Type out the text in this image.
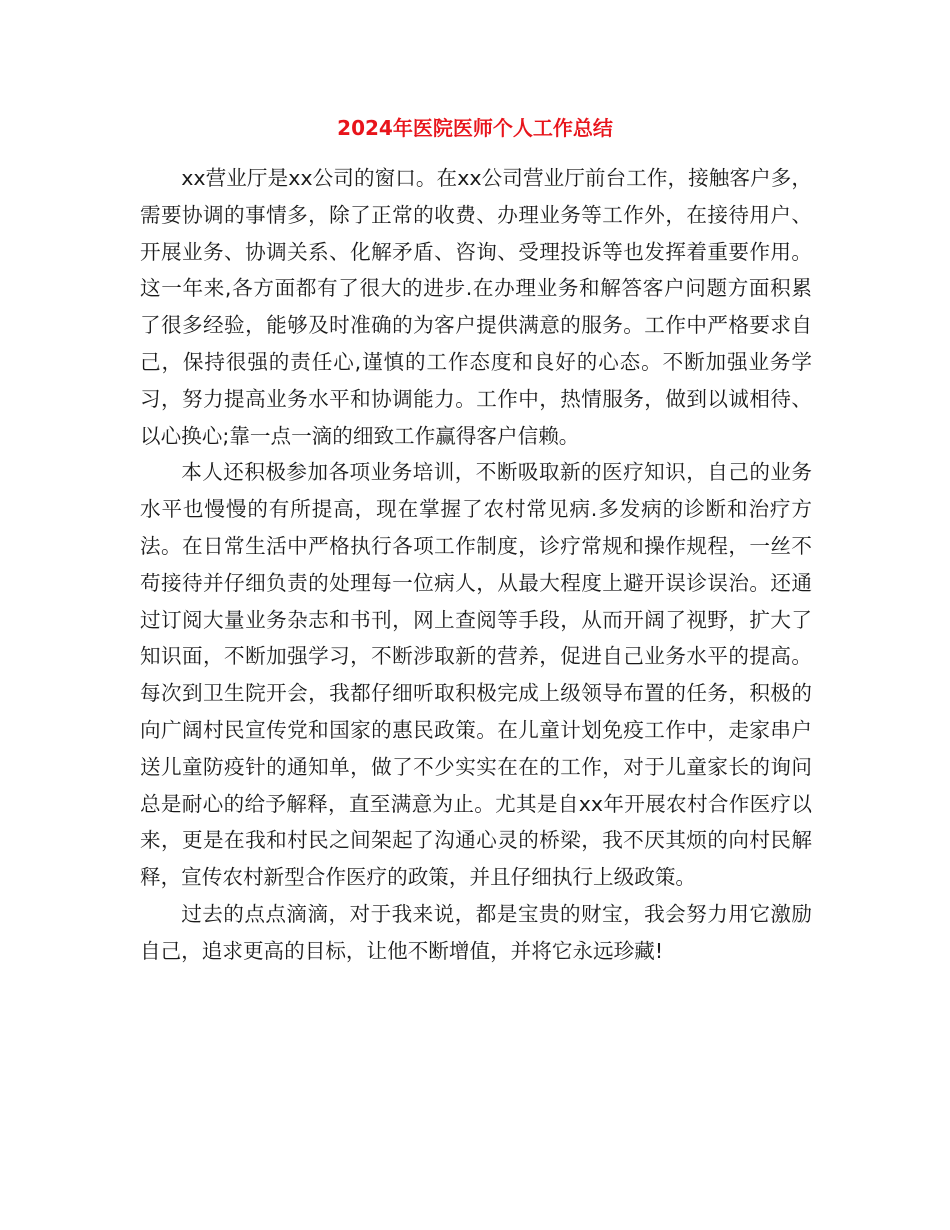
2024年医院医师个人工作总结

xx营业厅是xx公司的窗口。在xx公司营业厅前台工作，接触客户多，需要协调的事情多，除了正常的收费、办理业务等工作外，在接待用户、开展业务、协调关系、化解矛盾、咨询、受理投诉等也发挥着重要作用。 这一年来,各方面都有了很大的进步.在办理业务和解答客户问题方面积累了很多经验，能够及时准确的为客户提供满意的服务。工作中严格要求自己，保持很强的责任心,谨慎的工作态度和良好的心态。不断加强业务学习，努力提高业务水平和协调能力。工作中，热情服务，做到以诚相待、以心换心;靠一点一滴的细致工作赢得客户信赖。

本人还积极参加各项业务培训，不断吸取新的医疗知识，自己的业务水平也慢慢的有所提高，现在掌握了农村常见病.多发病的诊断和治疗方法。在日常生活中严格执行各项工作制度，诊疗常规和操作规程，一丝不苟接待并仔细负责的处理每一位病人，从最大程度上避开误诊误治。还通过订阅大量业务杂志和书刊，网上查阅等手段，从而开阔了视野，扩大了知识面，不断加强学习，不断涉取新的营养，促进自己业务水平的提高。每次到卫生院开会，我都仔细听取积极完成上级领导布置的任务，积极的向广阔村民宣传党和国家的惠民政策。在儿童计划免疫工作中，走家串户送儿童防疫针的通知单，做了不少实实在在的工作，对于儿童家长的询问总是耐心的给予解释，直至满意为止。尤其是自xx年开展农村合作医疗以来，更是在我和村民之间架起了沟通心灵的桥梁，我不厌其烦的向村民解释，宣传农村新型合作医疗的政策，并且仔细执行上级政策。

过去的点点滴滴，对于我来说，都是宝贵的财宝，我会努力用它激励自己，追求更高的目标，让他不断增值，并将它永远珍藏!
